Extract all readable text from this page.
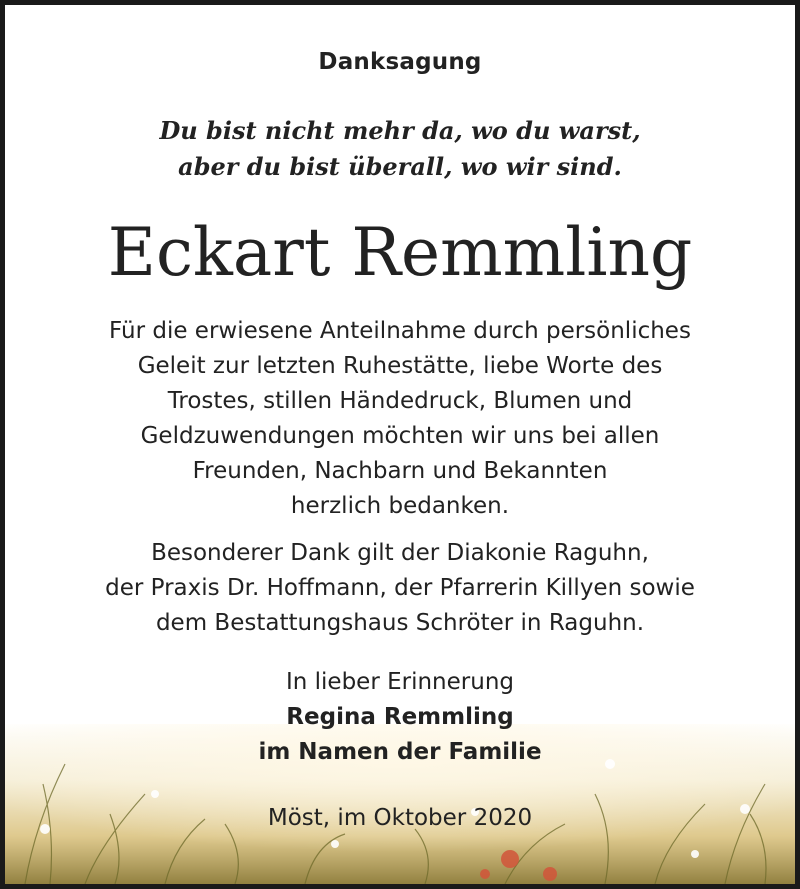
Danksagung
Du bist nicht mehr da, wo du warst,
aber du bist überall, wo wir sind.
Eckart Remmling
Für die erwiesene Anteilnahme durch persönliches
Geleit zur letzten Ruhestätte, liebe Worte des
Trostes, stillen Händedruck, Blumen und
Geldzuwendungen möchten wir uns bei allen
Freunden, Nachbarn und Bekannten
herzlich bedanken.
Besonderer Dank gilt der Diakonie Raguhn,
der Praxis Dr. Hoffmann, der Pfarrerin Killyen sowie
dem Bestattungshaus Schröter in Raguhn.
In lieber Erinnerung
Regina Remmling
im Namen der Familie
Möst, im Oktober 2020
